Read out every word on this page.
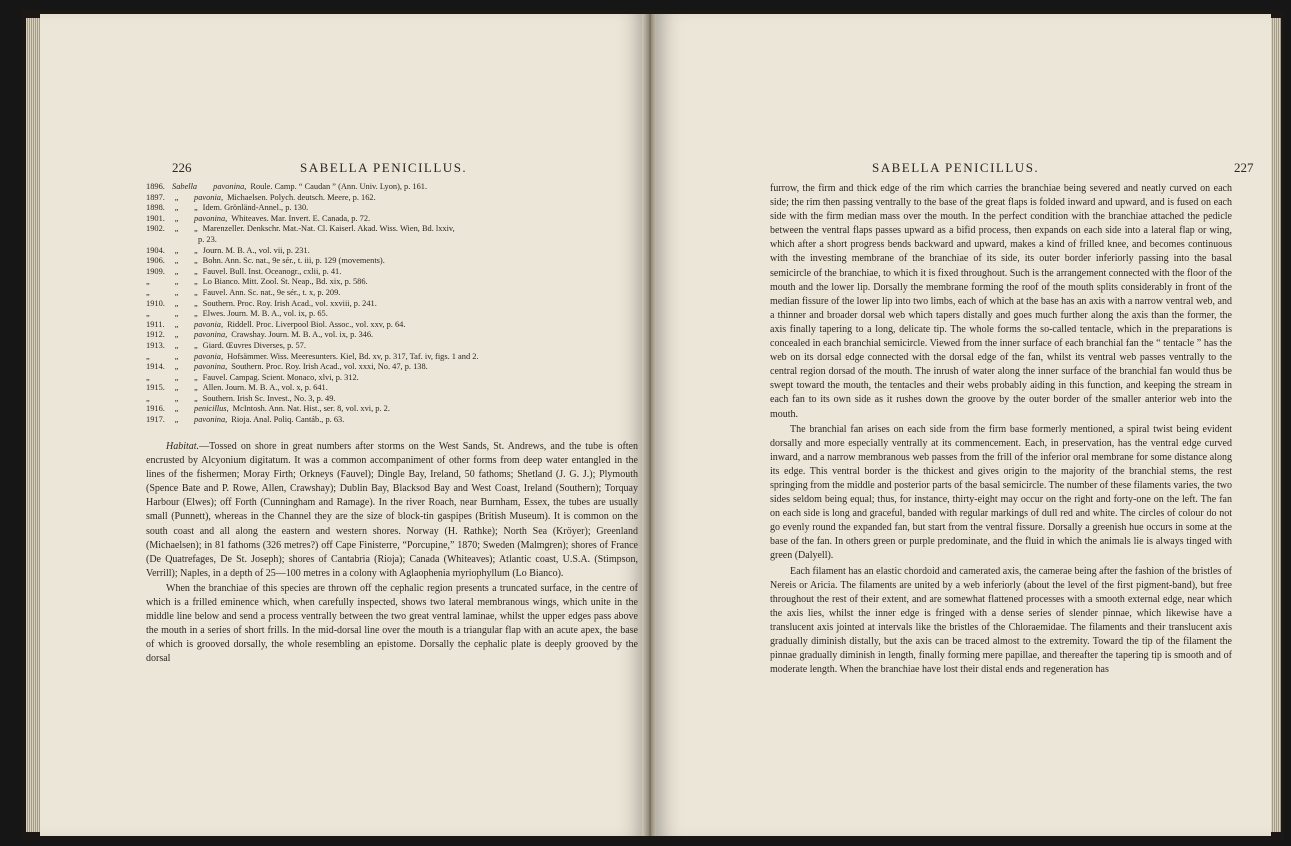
226	SABELLA PENICILLUS.
1896. Sabella pavonina, Roule. Camp. “ Caudan ” (Ann. Univ. Lyon), p. 161.
1897.	„	pavonia, Michaelsen. Polych. deutsch. Meere, p. 162.
1898.	„	„ Idem. Grönländ-Annel., p. 130.
1901.	„	pavonina, Whiteaves. Mar. Invert. E. Canada, p. 72.
1902.	„	„ Marenzeller. Denkschr. Mat.-Nat. Cl. Kaiserl. Akad. Wiss. Wien, Bd. lxxiv,
p. 23.
1904.	„	„ Journ. M. B. A., vol. vii, p. 231.
1906.	„	„ Bohn. Ann. Sc. nat., 9e sér., t. iii, p. 129 (movements).
1909.	„	„ Fauvel. Bull. Inst. Oceanogr., cxlii, p. 41.
„	„	„ Lo Bianco. Mitt. Zool. St. Neap., Bd. xix, p. 586.
„	„	„ Fauvel. Ann. Sc. nat., 9e sér., t. x, p. 209.
1910.	„	„ Southern. Proc. Roy. Irish Acad., vol. xxviii, p. 241.
„	„	„ Elwes. Journ. M. B. A., vol. ix, p. 65.
1911.	„	pavonia, Riddell. Proc. Liverpool Biol. Assoc., vol. xxv, p. 64.
1912.	„	pavonina, Crawshay. Journ. M. B. A., vol. ix, p. 346.
1913.	„	„ Giard. Œuvres Diverses, p. 57.
„	„	pavonia, Hofsämmer. Wiss. Meeresunters. Kiel, Bd. xv, p. 317, Taf. iv, figs. 1 and 2.
1914.	„	pavonina, Southern. Proc. Roy. Irish Acad., vol. xxxi, No. 47, p. 138.
„	„	„ Fauvel. Campag. Scient. Monaco, xlvi, p. 312.
1915.	„	„ Allen. Journ. M. B. A., vol. x, p. 641.
„	„	„ Southern. Irish Sc. Invest., No. 3, p. 49.
1916.	„	penicillus, McIntosh. Ann. Nat. Hist., ser. 8, vol. xvi, p. 2.
1917.	„	pavonina, Rioja. Anal. Poliq. Cantáb., p. 63.

Habitat.—Tossed on shore in great numbers after storms on the West Sands, St. Andrews, and the tube is often encrusted by Alcyonium digitatum. It was a common accompaniment of other forms from deep water entangled in the lines of the fishermen; Moray Firth; Orkneys (Fauvel); Dingle Bay, Ireland, 50 fathoms; Shetland (J. G. J.); Plymouth (Spence Bate and P. Rowe, Allen, Crawshay); Dublin Bay, Blacksod Bay and West Coast, Ireland (Southern); Torquay Harbour (Elwes); off Forth (Cunningham and Ramage). In the river Roach, near Burnham, Essex, the tubes are usually small (Punnett), whereas in the Channel they are the size of block-tin gaspipes (British Museum). It is common on the south coast and all along the eastern and western shores. Norway (H. Rathke); North Sea (Kröyer); Greenland (Michaelsen); in 81 fathoms (326 metres?) off Cape Finisterre, “Porcupine,” 1870; Sweden (Malmgren); shores of France (De Quatrefages, De St. Joseph); shores of Cantabria (Rioja); Canada (Whiteaves); Atlantic coast, U.S.A. (Stimpson, Verrill); Naples, in a depth of 25—100 metres in a colony with Aglaophenia myriophyllum (Lo Bianco).

When the branchiae of this species are thrown off the cephalic region presents a truncated surface, in the centre of which is a frilled eminence which, when carefully inspected, shows two lateral membranous wings, which unite in the middle line below and send a process ventrally between the two great ventral laminae, whilst the upper edges pass above the mouth in a series of short frills. In the mid-dorsal line over the mouth is a triangular flap with an acute apex, the base of which is grooved dorsally, the whole resembling an epistome. Dorsally the cephalic plate is deeply grooved by the dorsal

SABELLA PENICILLUS.	227

furrow, the firm and thick edge of the rim which carries the branchiae being severed and neatly curved on each side; the rim then passing ventrally to the base of the great flaps is folded inward and upward, and is fused on each side with the firm median mass over the mouth. In the perfect condition with the branchiae attached the pedicle between the ventral flaps passes upward as a bifid process, then expands on each side into a lateral flap or wing, which after a short progress bends backward and upward, makes a kind of frilled knee, and becomes continuous with the investing membrane of the branchiae of its side, its outer border inferiorly passing into the basal semicircle of the branchiae, to which it is fixed throughout. Such is the arrangement connected with the floor of the mouth and the lower lip. Dorsally the membrane forming the roof of the mouth splits considerably in front of the median fissure of the lower lip into two limbs, each of which at the base has an axis with a narrow ventral web, and a thinner and broader dorsal web which tapers distally and goes much further along the axis than the former, the axis finally tapering to a long, delicate tip. The whole forms the so-called tentacle, which in the preparations is concealed in each branchial semicircle. Viewed from the inner surface of each branchial fan the “ tentacle ” has the web on its dorsal edge connected with the dorsal edge of the fan, whilst its ventral web passes ventrally to the central region dorsad of the mouth. The inrush of water along the inner surface of the branchial fan would thus be swept toward the mouth, the tentacles and their webs probably aiding in this function, and keeping the stream in each fan to its own side as it rushes down the groove by the outer border of the smaller anterior web into the mouth.

The branchial fan arises on each side from the firm base formerly mentioned, a spiral twist being evident dorsally and more especially ventrally at its commencement. Each, in preservation, has the ventral edge curved inward, and a narrow membranous web passes from the frill of the inferior oral membrane for some distance along its edge. This ventral border is the thickest and gives origin to the majority of the branchial stems, the rest springing from the middle and posterior parts of the basal semicircle. The number of these filaments varies, the two sides seldom being equal; thus, for instance, thirty-eight may occur on the right and forty-one on the left. The fan on each side is long and graceful, banded with regular markings of dull red and white. The circles of colour do not go evenly round the expanded fan, but start from the ventral fissure. Dorsally a greenish hue occurs in some at the base of the fan. In others green or purple predominate, and the fluid in which the animals lie is always tinged with green (Dalyell).

Each filament has an elastic chordoid and camerated axis, the camerae being after the fashion of the bristles of Nereis or Aricia. The filaments are united by a web inferiorly (about the level of the first pigment-band), but free throughout the rest of their extent, and are somewhat flattened processes with a smooth external edge, near which the axis lies, whilst the inner edge is fringed with a dense series of slender pinnae, which likewise have a translucent axis jointed at intervals like the bristles of the Chloraemidae. The filaments and their translucent axis gradually diminish distally, but the axis can be traced almost to the extremity. Toward the tip of the filament the pinnae gradually diminish in length, finally forming mere papillae, and thereafter the tapering tip is smooth and of moderate length. When the branchiae have lost their distal ends and regeneration has
